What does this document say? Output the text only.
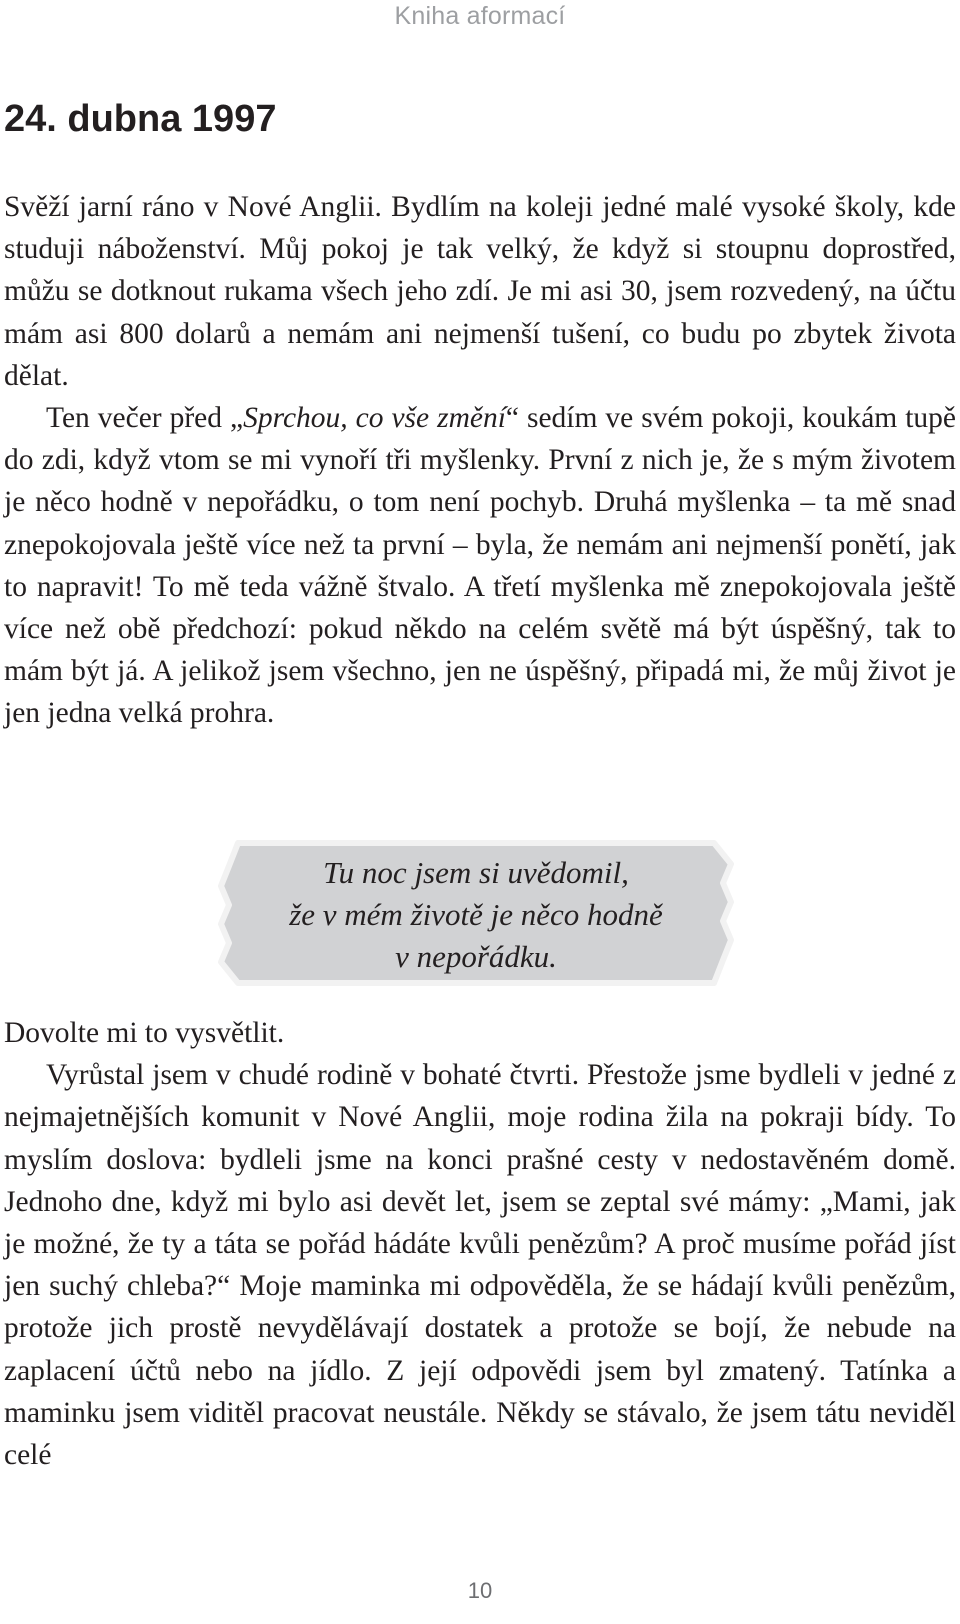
Kniha aformací
24. dubna 1997

Svěží jarní ráno v Nové Anglii. Bydlím na koleji jedné malé vysoké školy, kde studuji náboženství. Můj pokoj je tak velký, že když si stoupnu doprostřed, můžu se dotknout rukama všech jeho zdí. Je mi asi 30, jsem rozvedený, na účtu mám asi 800 dolarů a nemám ani nejmenší tušení, co budu po zbytek života dělat.

Ten večer před „Sprchou, co vše změní“ sedím ve svém pokoji, koukám tupě do zdi, když vtom se mi vynoří tři myšlenky. První z nich je, že s mým životem je něco hodně v nepořádku, o tom není pochyb. Druhá myšlenka – ta mě snad znepokojovala ještě více než ta první – byla, že nemám ani nejmenší ponětí, jak to napravit! To mě teda vážně štvalo. A třetí myšlenka mě znepokojovala ještě více než obě předchozí: pokud někdo na celém světě má být úspěšný, tak to mám být já. A jelikož jsem všechno, jen ne úspěšný, připadá mi, že můj život je jen jedna velká prohra.

Tu noc jsem si uvědomil,
že v mém životě je něco hodně
v nepořádku.

Dovolte mi to vysvětlit.

Vyrůstal jsem v chudé rodině v bohaté čtvrti. Přestože jsme bydleli v jedné z nejmajetnějších komunit v Nové Anglii, moje rodina žila na pokraji bídy. To myslím doslova: bydleli jsme na konci prašné cesty v nedostavěném domě. Jednoho dne, když mi bylo asi devět let, jsem se zeptal své mámy: „Mami, jak je možné, že ty a táta se pořád hádáte kvůli penězům? A proč musíme pořád jíst jen suchý chleba?“ Moje maminka mi odpověděla, že se hádají kvůli penězům, protože jich prostě nevydělávají dostatek a protože se bojí, že nebude na zaplacení účtů nebo na jídlo. Z její odpovědi jsem byl zmatený. Tatínka a maminku jsem viditěl pracovat neustále. Někdy se stávalo, že jsem tátu neviděl celé

10
